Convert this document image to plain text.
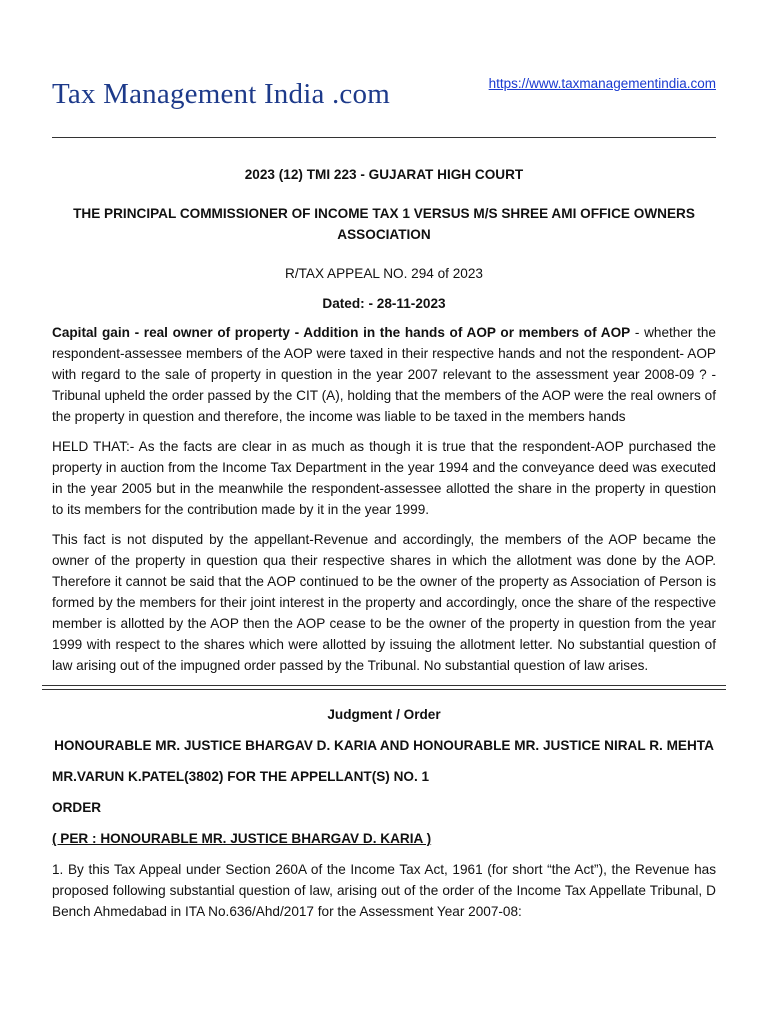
Tax Management India .com	https://www.taxmanagementindia.com

2023 (12) TMI 223 - GUJARAT HIGH COURT

THE PRINCIPAL COMMISSIONER OF INCOME TAX 1 VERSUS M/S SHREE AMI OFFICE OWNERS ASSOCIATION

R/TAX APPEAL NO. 294 of 2023

Dated: - 28-11-2023

Capital gain - real owner of property - Addition in the hands of AOP or members of AOP - whether the respondent-assessee members of the AOP were taxed in their respective hands and not the respondent- AOP with regard to the sale of property in question in the year 2007 relevant to the assessment year 2008-09 ? - Tribunal upheld the order passed by the CIT (A), holding that the members of the AOP were the real owners of the property in question and therefore, the income was liable to be taxed in the members hands

HELD THAT:- As the facts are clear in as much as though it is true that the respondent-AOP purchased the property in auction from the Income Tax Department in the year 1994 and the conveyance deed was executed in the year 2005 but in the meanwhile the respondent-assessee allotted the share in the property in question to its members for the contribution made by it in the year 1999.

This fact is not disputed by the appellant-Revenue and accordingly, the members of the AOP became the owner of the property in question qua their respective shares in which the allotment was done by the AOP. Therefore it cannot be said that the AOP continued to be the owner of the property as Association of Person is formed by the members for their joint interest in the property and accordingly, once the share of the respective member is allotted by the AOP then the AOP cease to be the owner of the property in question from the year 1999 with respect to the shares which were allotted by issuing the allotment letter. No substantial question of law arising out of the impugned order passed by the Tribunal. No substantial question of law arises.

Judgment / Order

HONOURABLE MR. JUSTICE BHARGAV D. KARIA AND HONOURABLE MR. JUSTICE NIRAL R. MEHTA

MR.VARUN K.PATEL(3802) FOR THE APPELLANT(S) NO. 1

ORDER

( PER : HONOURABLE MR. JUSTICE BHARGAV D. KARIA )

1. By this Tax Appeal under Section 260A of the Income Tax Act, 1961 (for short “the Act”), the Revenue has proposed following substantial question of law, arising out of the order of the Income Tax Appellate Tribunal, D Bench Ahmedabad in ITA No.636/Ahd/2017 for the Assessment Year 2007-08:
